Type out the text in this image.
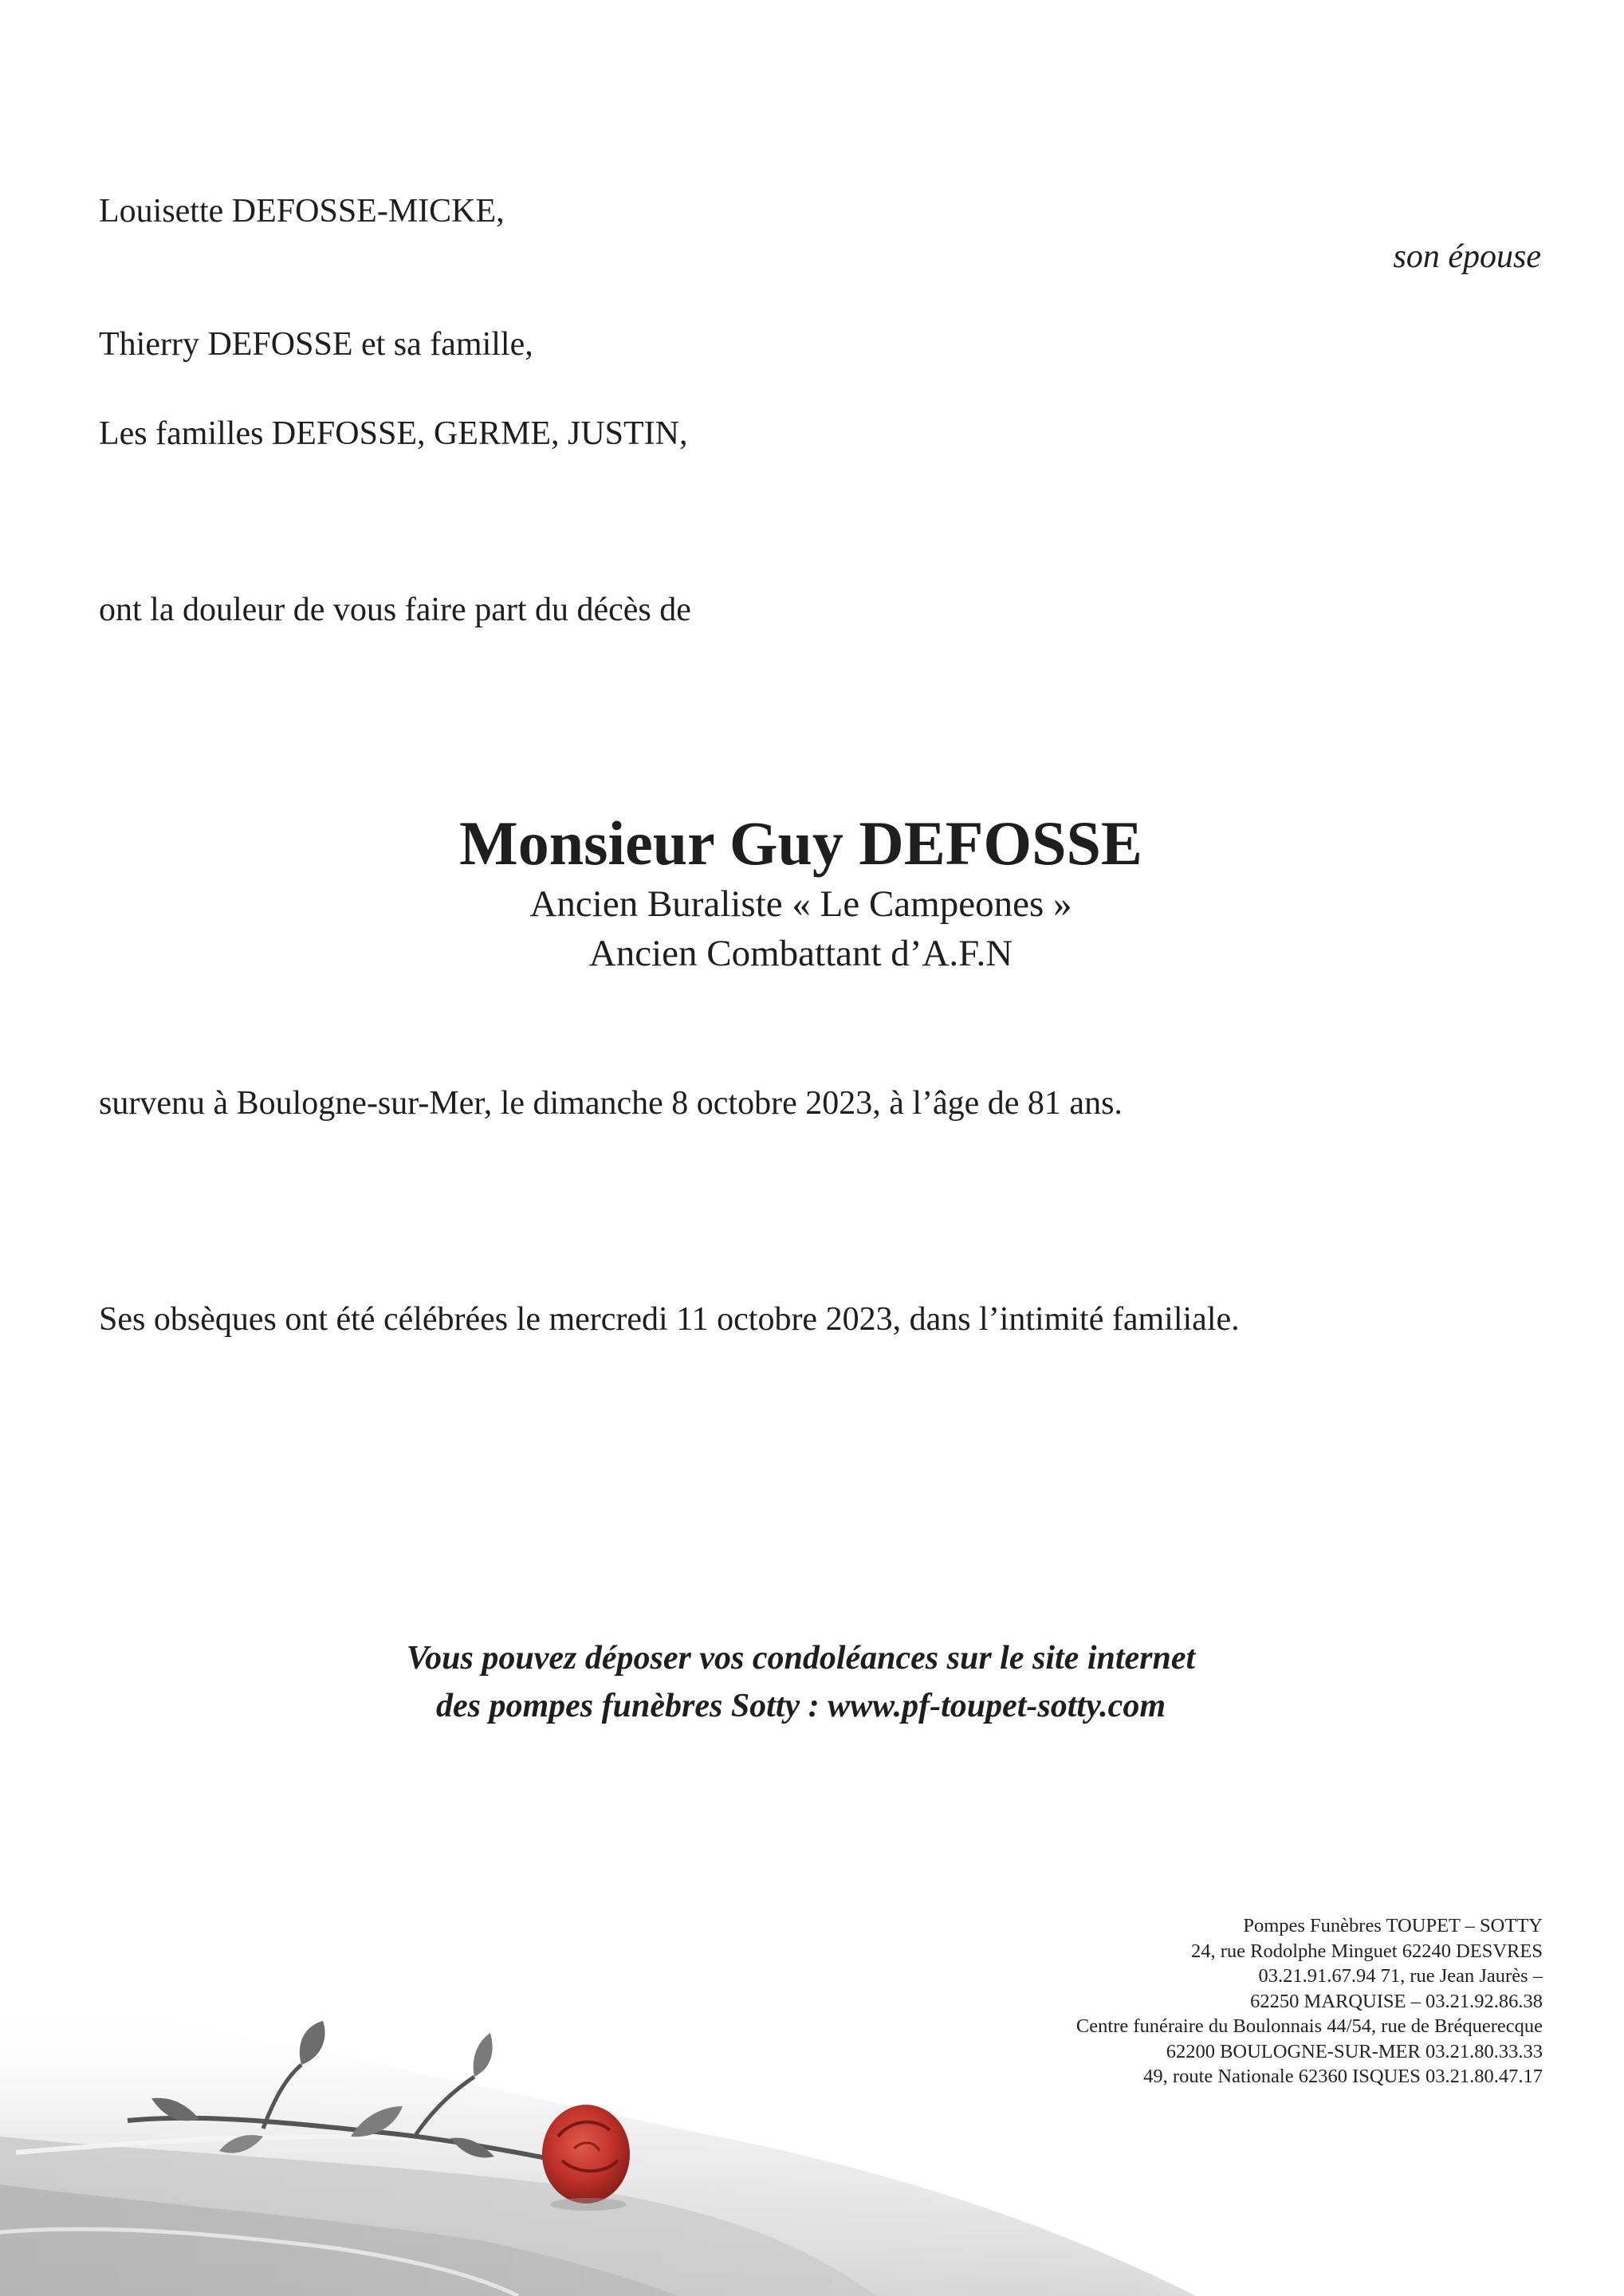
Louisette DEFOSSE-MICKE,
son épouse
Thierry DEFOSSE et sa famille,
Les familles DEFOSSE, GERME, JUSTIN,
ont la douleur de vous faire part du décès de
Monsieur Guy DEFOSSE
Ancien Buraliste « Le Campeones »
Ancien Combattant d’A.F.N
survenu à Boulogne-sur-Mer, le dimanche 8 octobre 2023, à l’âge de 81 ans.
Ses obsèques ont été célébrées le mercredi 11 octobre 2023, dans l’intimité familiale.
Vous pouvez déposer vos condoléances sur le site internet
des pompes funèbres Sotty : www.pf-toupet-sotty.com
Pompes Funèbres TOUPET – SOTTY
24, rue Rodolphe Minguet 62240 DESVRES
03.21.91.67.94 71, rue Jean Jaurès –
62250 MARQUISE – 03.21.92.86.38
Centre funéraire du Boulonnais 44/54, rue de Bréquerecque
62200 BOULOGNE-SUR-MER 03.21.80.33.33
49, route Nationale 62360 ISQUES 03.21.80.47.17
